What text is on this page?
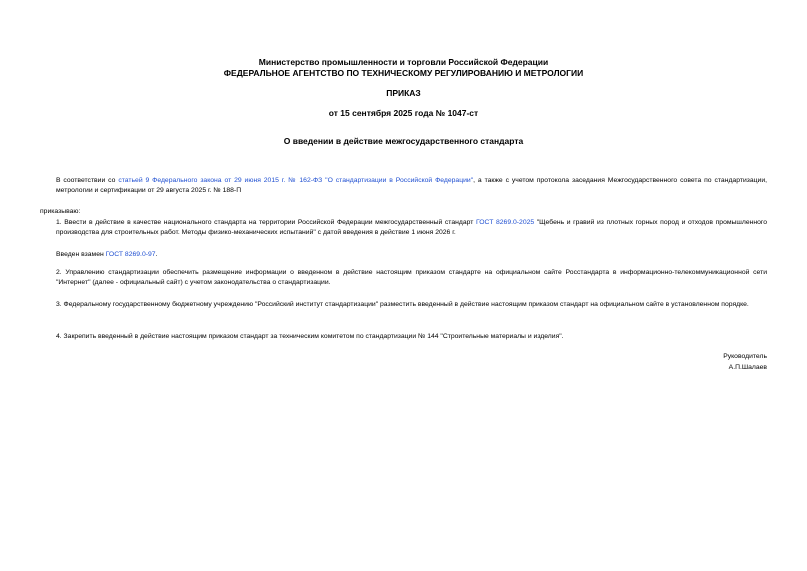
Министерство промышленности и торговли Российской Федерации
ФЕДЕРАЛЬНОЕ АГЕНТСТВО ПО ТЕХНИЧЕСКОМУ РЕГУЛИРОВАНИЮ И МЕТРОЛОГИИ
ПРИКАЗ
от 15 сентября 2025 года № 1047-ст
О введении в действие межгосударственного стандарта
В соответствии со статьей 9 Федерального закона от 29 июня 2015 г. № 162-ФЗ "О стандартизации в Российской Федерации", а также с учетом протокола заседания Межгосударственного совета по стандартизации, метрологии и сертификации от 29 августа 2025 г. № 188-П
приказываю:
1. Ввести в действие в качестве национального стандарта на территории Российской Федерации межгосударственный стандарт ГОСТ 8269.0-2025 "Щебень и гравий из плотных горных пород и отходов промышленного производства для строительных работ. Методы физико-механических испытаний" с датой введения в действие 1 июня 2026 г.
Введен взамен ГОСТ 8269.0-97.
2. Управлению стандартизации обеспечить размещение информации о введенном в действие настоящим приказом стандарте на официальном сайте Росстандарта в информационно-телекоммуникационной сети "Интернет" (далее - официальный сайт) с учетом законодательства о стандартизации.
3. Федеральному государственному бюджетному учреждению "Российский институт стандартизации" разместить введенный в действие настоящим приказом стандарт на официальном сайте в установленном порядке.
4. Закрепить введенный в действие настоящим приказом стандарт за техническим комитетом по стандартизации № 144 "Строительные материалы и изделия".
Руководитель
А.П.Шалаев
